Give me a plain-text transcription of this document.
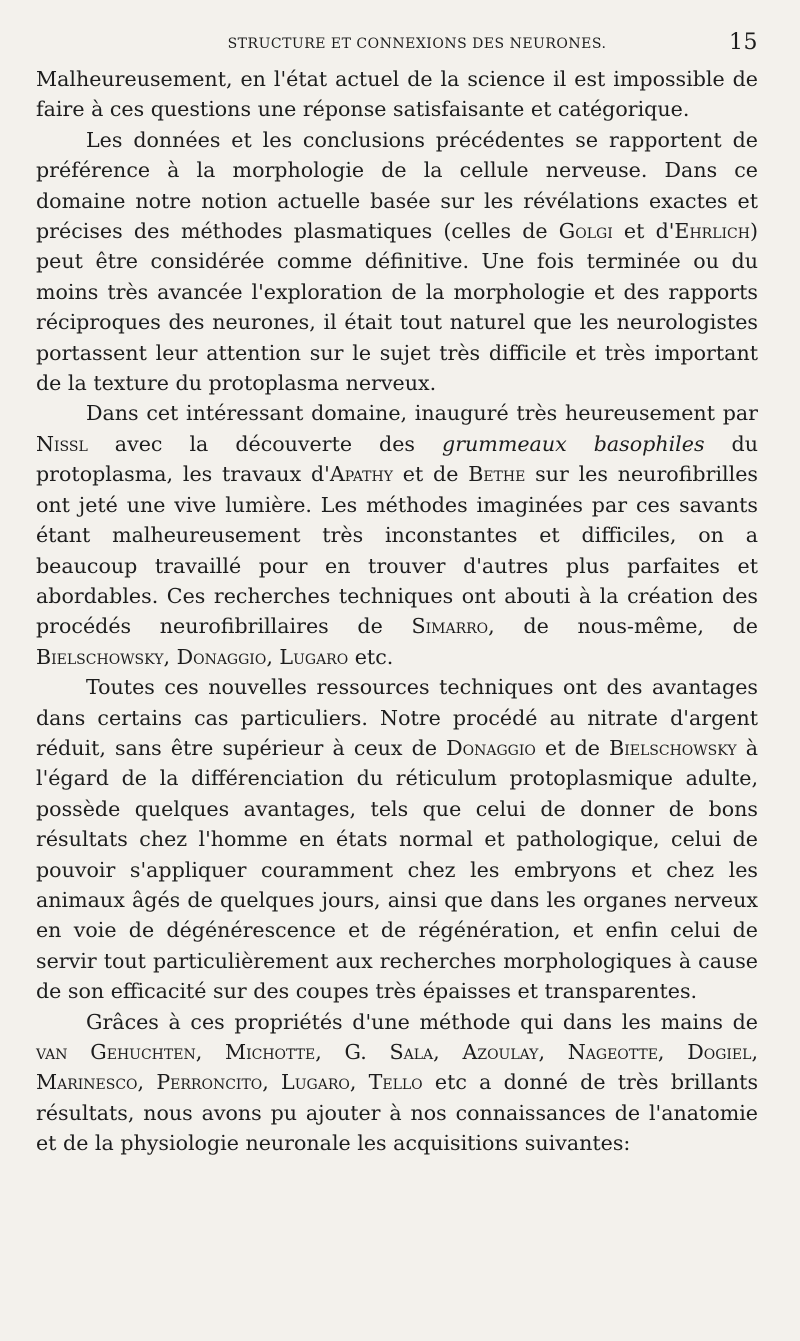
STRUCTURE ET CONNEXIONS DES NEURONES.	15

Malheureusement, en l'état actuel de la science il est impossible de faire à ces questions une réponse satisfaisante et catégorique.

Les données et les conclusions précédentes se rapportent de préférence à la morphologie de la cellule nerveuse. Dans ce domaine notre notion actuelle basée sur les révélations exactes et précises des méthodes plasmatiques (celles de Golgi et d'Ehrlich) peut être considérée comme définitive. Une fois terminée ou du moins très avancée l'exploration de la morphologie et des rapports réciproques des neurones, il était tout naturel que les neurologistes portassent leur attention sur le sujet très difficile et très important de la texture du protoplasma nerveux.

Dans cet intéressant domaine, inauguré très heureusement par Nissl avec la découverte des grummeaux basophiles du protoplasma, les travaux d'Apathy et de Bethe sur les neurofibrilles ont jeté une vive lumière. Les méthodes imaginées par ces savants étant malheureusement très inconstantes et difficiles, on a beaucoup travaillé pour en trouver d'autres plus parfaites et abordables. Ces recherches techniques ont abouti à la création des procédés neurofibrillaires de Simarro, de nous-même, de Bielschowsky, Donaggio, Lugaro etc.

Toutes ces nouvelles ressources techniques ont des avantages dans certains cas particuliers. Notre procédé au nitrate d'argent réduit, sans être supérieur à ceux de Donaggio et de Bielschowsky à l'égard de la différenciation du réticulum protoplasmique adulte, possède quelques avantages, tels que celui de donner de bons résultats chez l'homme en états normal et pathologique, celui de pouvoir s'appliquer couramment chez les embryons et chez les animaux âgés de quelques jours, ainsi que dans les organes nerveux en voie de dégénérescence et de régénération, et enfin celui de servir tout particulièrement aux recherches morphologiques à cause de son efficacité sur des coupes très épaisses et transparentes.

Grâces à ces propriétés d'une méthode qui dans les mains de van Gehuchten, Michotte, G. Sala, Azoulay, Nageotte, Dogiel, Marinesco, Perroncito, Lugaro, Tello etc a donné de très brillants résultats, nous avons pu ajouter à nos connaissances de l'anatomie et de la physiologie neuronale les acquisitions suivantes:
